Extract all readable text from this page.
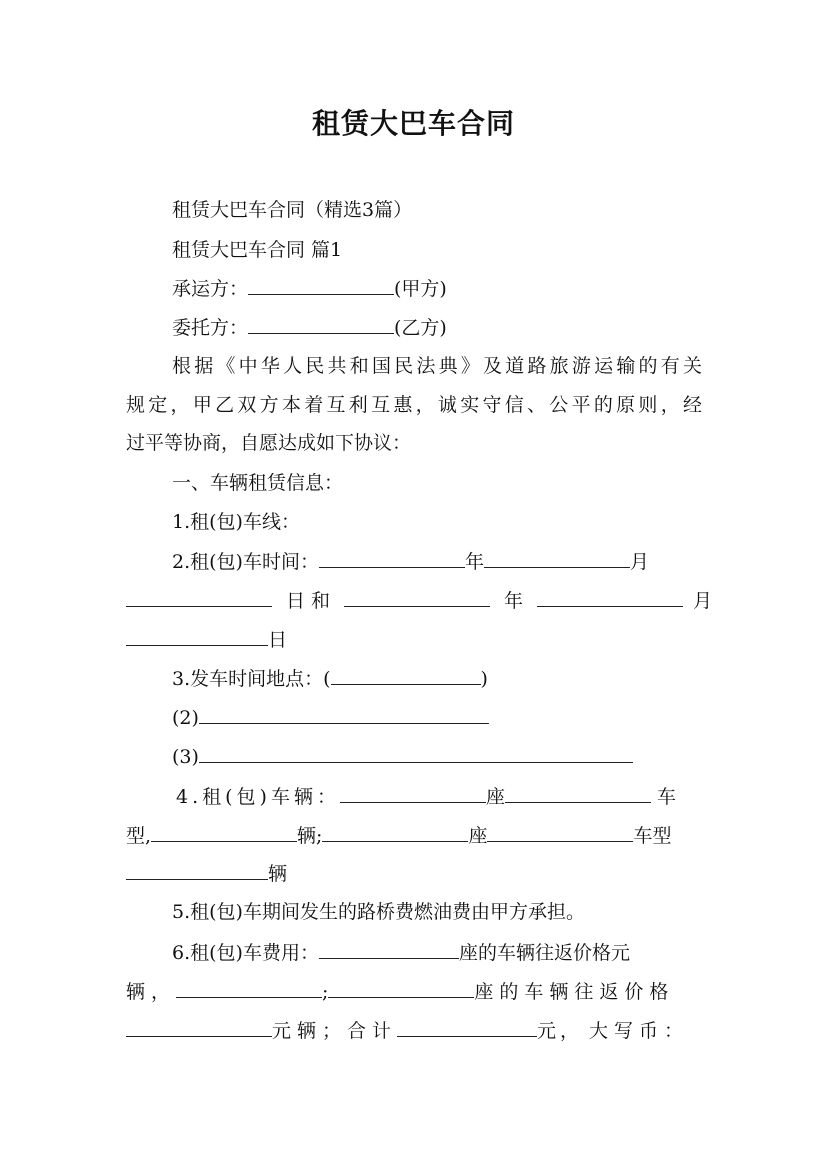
租赁大巴车合同
租赁大巴车合同（精选3篇）
租赁大巴车合同 篇1
承运方：	(甲方)
委托方：	(乙方)
根据《中华人民共和国民法典》及道路旅游运输的有关
规定，甲乙双方本着互利互惠，诚实守信、公平的原则，经
过平等协商，自愿达成如下协议：
一、车辆租赁信息：
1.租(包)车线：
2.租(包)车时间：	年	月
日 和	年	月
日
3.发车时间地点：(	)
(2)
(3)
4.租(包)车辆：	座	车
型,	辆;	座	车型
辆
5.租(包)车期间发生的路桥费燃油费由甲方承担。
6.租(包)车费用：	座的车辆往返价格元
辆，	;	座的车辆往返价格
元辆；合计	元， 大写币：
